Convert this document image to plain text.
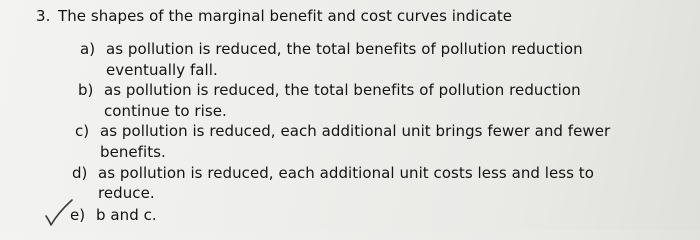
3. The shapes of the marginal benefit and cost curves indicate
a) as pollution is reduced, the total benefits of pollution reduction
eventually fall.
b) as pollution is reduced, the total benefits of pollution reduction
continue to rise.
c) as pollution is reduced, each additional unit brings fewer and fewer
benefits.
d) as pollution is reduced, each additional unit costs less and less to
reduce.
e) b and c.
